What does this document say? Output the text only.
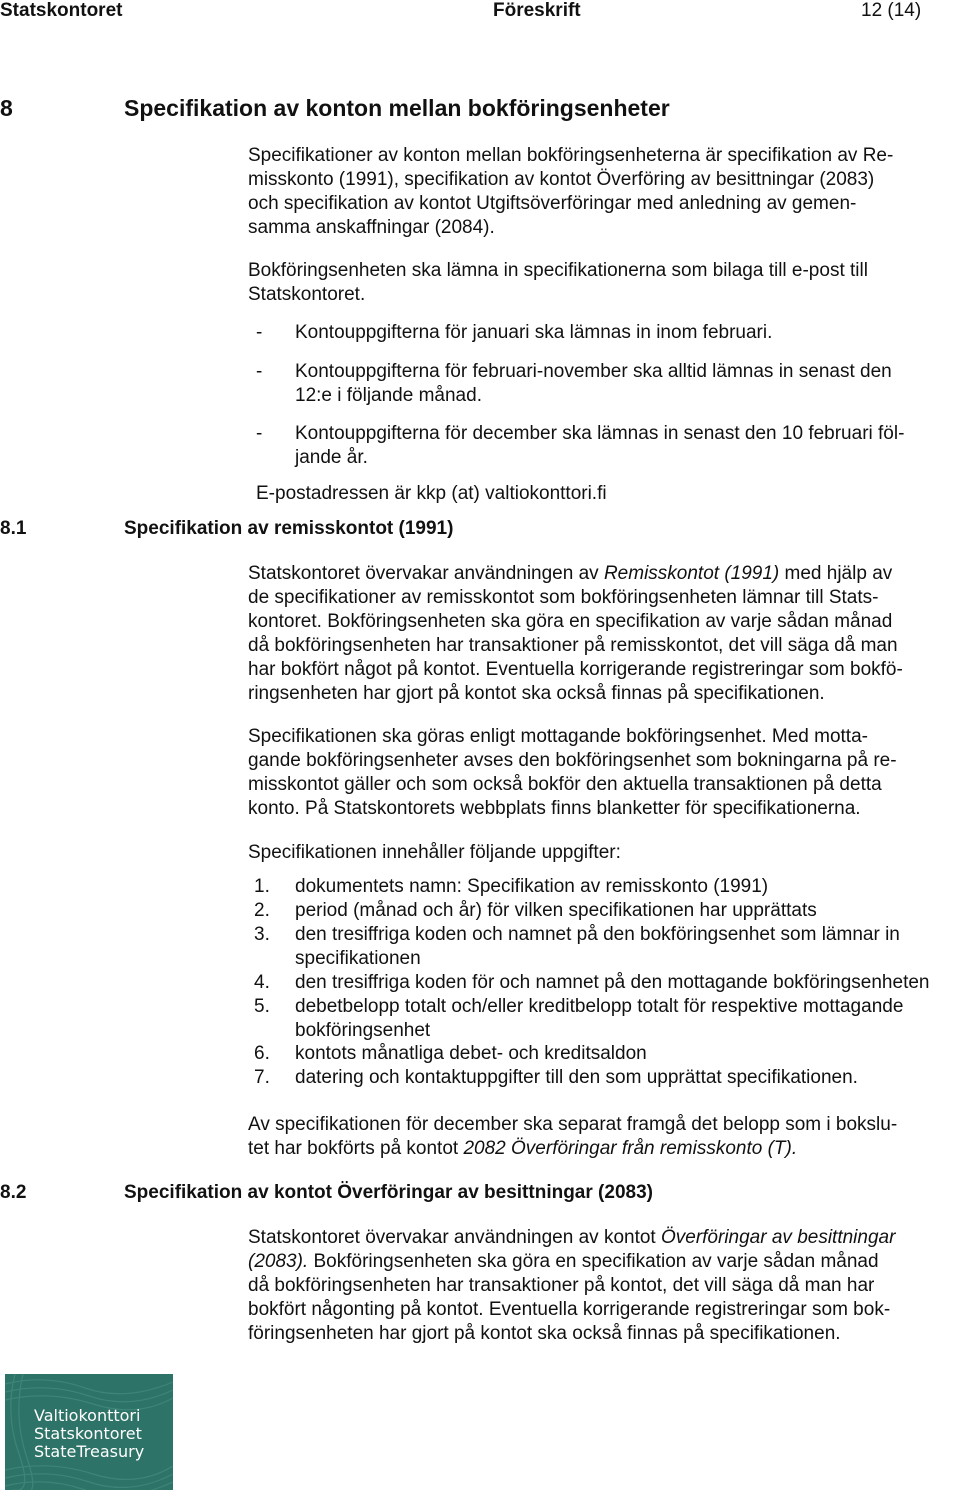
Statskontoret	Föreskrift	12 (14)
8	Specifikation av konton mellan bokföringsenheter

Specifikationer av konton mellan bokföringsenheterna är specifikation av Re-

misskonto (1991), specifikation av kontot Överföring av besittningar (2083)

och specifikation av kontot Utgiftsöverföringar med anledning av gemen-

samma anskaffningar (2084).

Bokföringsenheten ska lämna in specifikationerna som bilaga till e-post till

Statskontoret.

- Kontouppgifterna för januari ska lämnas in inom februari.

- Kontouppgifterna för februari-november ska alltid lämnas in senast den

12:e i följande månad.

- Kontouppgifterna för december ska lämnas in senast den 10 februari föl-

jande år.

E-postadressen är kkp (at) valtiokonttori.fi
8.1	Specifikation av remisskontot (1991)

Statskontoret övervakar användningen av Remisskontot (1991) med hjälp av

de specifikationer av remisskontot som bokföringsenheten lämnar till Stats-

kontoret. Bokföringsenheten ska göra en specifikation av varje sådan månad

då bokföringsenheten har transaktioner på remisskontot, det vill säga då man

har bokfört något på kontot. Eventuella korrigerande registreringar som bokfö-

ringsenheten har gjort på kontot ska också finnas på specifikationen.

Specifikationen ska göras enligt mottagande bokföringsenhet. Med motta-

gande bokföringsenheter avses den bokföringsenhet som bokningarna på re-

misskontot gäller och som också bokför den aktuella transaktionen på detta

konto. På Statskontorets webbplats finns blanketter för specifikationerna.

Specifikationen innehåller följande uppgifter:
1. dokumentets namn: Specifikation av remisskonto (1991)

2. period (månad och år) för vilken specifikationen har upprättats

3. den tresiffriga koden och namnet på den bokföringsenhet som lämnar in

specifikationen

4. den tresiffriga koden för och namnet på den mottagande bokföringsenheten

5. debetbelopp totalt och/eller kreditbelopp totalt för respektive mottagande

bokföringsenhet

6. kontots månatliga debet- och kreditsaldon

7. datering och kontaktuppgifter till den som upprättat specifikationen.

Av specifikationen för december ska separat framgå det belopp som i bokslu-

tet har bokförts på kontot 2082 Överföringar från remisskonto (T).

8.2	Specifikation av kontot Överföringar av besittningar (2083)

Statskontoret övervakar användningen av kontot Överföringar av besittningar

(2083). Bokföringsenheten ska göra en specifikation av varje sådan månad

då bokföringsenheten har transaktioner på kontot, det vill säga då man har

bokfört någonting på kontot. Eventuella korrigerande registreringar som bok-

föringsenheten har gjort på kontot ska också finnas på specifikationen.

Valtiokonttori
Statskontoret
StateTreasury
